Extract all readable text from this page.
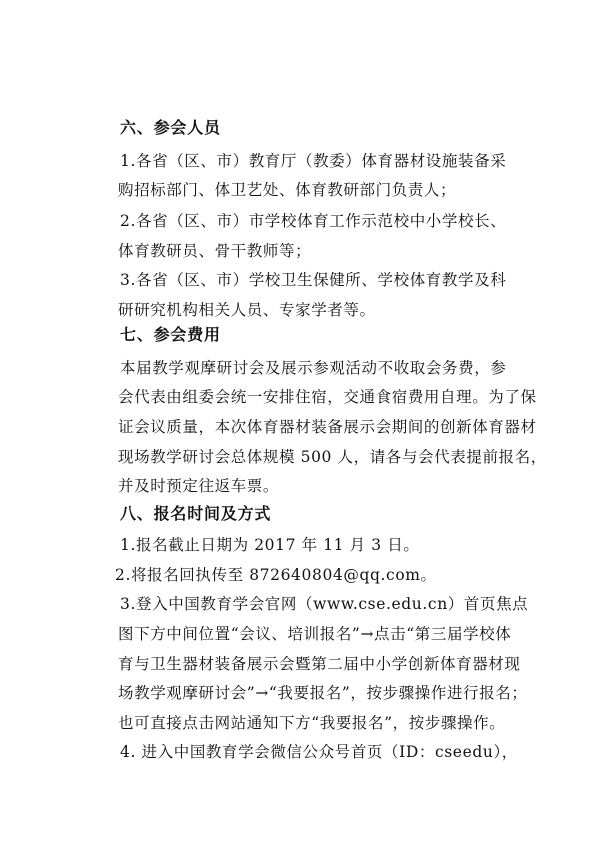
六、参会人员
1.各省（区、市）教育厅（教委）体育器材设施装备采
购招标部门、体卫艺处、体育教研部门负责人；
2.各省（区、市）市学校体育工作示范校中小学校长、
体育教研员、骨干教师等；
3.各省（区、市）学校卫生保健所、学校体育教学及科
研研究机构相关人员、专家学者等。
七、参会费用
本届教学观摩研讨会及展示参观活动不收取会务费，参
会代表由组委会统一安排住宿，交通食宿费用自理。为了保
证会议质量，本次体育器材装备展示会期间的创新体育器材
现场教学研讨会总体规模 500 人，请各与会代表提前报名，
并及时预定往返车票。
八、报名时间及方式
1.报名截止日期为 2017 年 11 月 3 日。
2.将报名回执传至 872640804@qq.com。
3.登入中国教育学会官网（www.cse.edu.cn）首页焦点
图下方中间位置“会议、培训报名”→点击“第三届学校体
育与卫生器材装备展示会暨第二届中小学创新体育器材现
场教学观摩研讨会”→“我要报名”，按步骤操作进行报名；
也可直接点击网站通知下方“我要报名”，按步骤操作。
4. 进入中国教育学会微信公众号首页（ID：cseedu），
